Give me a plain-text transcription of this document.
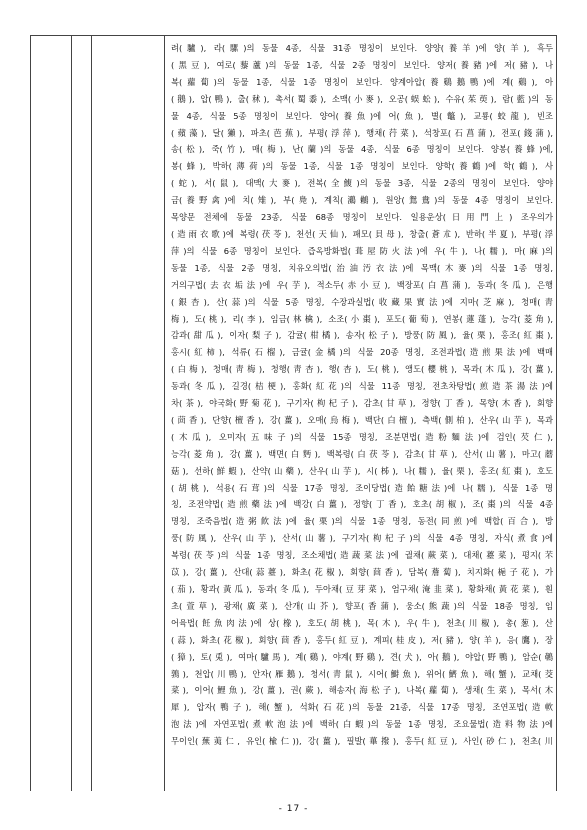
려(驢), 라(騾)의 동물 4종, 식물 31종 명칭이 보인다. 양양(養羊)에 양(羊), 흑두

(黑豆), 여로(藜蘆)의 동물 1종, 식물 2종 명칭이 보인다. 양저(養豬)에 저(豬), 나

복(蘿蔔)의 동물 1종, 식물 1종 명칭이 보인다. 양계아압(養鷄鵝鴨)에 계(鷄), 아

(鵝), 압(鴨), 출(秫), 촉서(蜀黍), 소맥(小麥), 오공(蜈蚣), 수유(茱萸), 람(藍)의 동

물 4종, 식물 5종 명칭이 보인다. 양어(養魚)에 어(魚), 별(鼈), 교룡(蛟龍), 빈조

(蘋藻), 달(獺), 파초(芭蕉), 부평(浮萍), 행채(荇菜), 석창포(石菖蒲), 전포(錢蒲),

송(松), 죽(竹), 매(梅), 난(蘭)의 동물 4종, 식물 6종 명칭이 보인다. 양봉(養蜂)에,

봉(蜂), 박하(薄荷)의 동물 1종, 식물 1종 명칭이 보인다. 양학(養鶴)에 학(鶴), 사

(蛇), 서(鼠), 대맥(大麥), 전복(全鰒)의 동물 3종, 식물 2종의 명칭이 보인다. 양야

금(養野禽)에 치(雉), 부(鳧), 계칙(鸂鶒), 원앙(鴛鴦)의 동물 4종 명칭이 보인다.

목양문 전체에 동물 23종, 식물 68종 명칭이 보인다. 일용운상(日用門上) 조우의가

(造雨衣歌)에 복령(茯苓), 천선(天仙), 패모(貝母), 창출(蒼朮), 반하(半夏), 부평(浮

萍)의 식물 6종 명칭이 보인다. 즙옥방화법(葺屋防火法)에 우(牛), 나(糯), 마(麻)의

동물 1종, 식물 2종 명칭, 치유오의법(治油汚衣法)에 목맥(木麥)의 식물 1종 명칭,

거의구법(去衣垢法)에 우(芋), 적소두(赤小豆), 백장포(白菖蒲), 동과(冬瓜), 은행

(銀杏), 산(蒜)의 식물 5종 명칭, 수장과실법(收藏果實法)에 지마(芝麻), 청매(靑

梅), 도(桃), 리(李), 임금(林檎), 소조(小棗), 포도(葡萄), 연봉(蓮蓬), 능각(菱角),

감과(甜瓜), 이자(梨子), 감귤(柑橘), 송자(松子), 방풍(防風), 율(栗), 홍조(紅棗),

홍시(紅柿), 석류(石榴), 금귤(金橘)의 식물 20종 명칭, 조전과법(造煎果法)에 백매

(白梅), 청매(靑梅), 청행(靑杏), 행(杏), 도(桃), 앵도(櫻桃), 목과(木瓜), 강(薑),

동과(冬瓜), 길경(桔梗), 홍화(紅花)의 식물 11종 명칭, 전초차탕법(煎造茶湯法)에

차(茶), 야국화(野菊花), 구기자(枸杞子), 감초(甘草), 정향(丁香), 목향(木香), 회향

(茴香), 단향(檀香), 강(薑), 오매(烏梅), 백단(白檀), 측백(側柏), 산우(山芋), 목과

(木瓜), 오미자(五味子)의 식물 15종 명칭, 조분면법(造粉麵法)에 검인(芡仁),

능각(菱角), 강(薑), 백면(白麪), 백복령(白茯苓), 감초(甘草), 산서(山薯), 마고(蘑

菇), 선하(鮮蝦), 산약(山藥), 산우(山芋), 시(柹), 나(糯), 율(栗), 홍조(紅棗), 호도

(胡桃), 석용(石茸)의 식물 17종 명칭, 조이당법(造飴糖法)에 나(糯), 식물 1종 명

칭, 조전약법(造煎藥法)에 백강(白薑), 정향(丁香), 호초(胡椒), 조(棗)의 식물 4종

명칭, 조죽음법(造粥飮法)에 율(栗)의 식물 1종 명칭, 동전(同煎)에 백합(百合), 방

풍(防風), 산우(山芋), 산서(山薯), 구기자(枸杞子)의 식물 4종 명칭, 자식(煮食)에

복령(茯苓)의 식물 1종 명칭, 조소채법(造蔬菜法)에 궐채(蕨菜), 대채(薹菜), 평지(芣

苡), 강(薑), 산대(蒜薹), 화초(花椒), 회향(茴香), 담복(薝蔔), 치지화(梔子花), 가

(茄), 황과(黃瓜), 동과(冬瓜), 두아채(豆芽菜), 엄구채(淹韭菜), 황화채(黃花菜), 훤

초(萱草), 광채(廣菜), 산개(山芥), 향포(香蒲), 웅소(熊蔬)의 식물 18종 명칭, 임

어육법(飪魚肉法)에 상(橡), 호도(胡桃), 목(木), 우(牛), 천초(川椒), 총(葱), 산

(蒜), 화초(花椒), 회향(茴香), 홍두(紅豆), 계피(桂皮), 저(豬), 양(羊), 응(鷹), 장

(獐), 토(兎), 여마(驢馬), 계(鷄), 야계(野鷄), 견(犬), 아(鵝), 야압(野鴨), 암순(鵪

鶉), 천압(川鴨), 안자(雁鵝), 청서(靑鼠), 시어(鰣魚), 위어(鱭魚), 해(蟹), 교채(茭

菜), 이어(鯉魚), 강(薑), 권(蕨), 해송자(海松子), 나복(蘿蔔), 생채(生菜), 목서(木

犀), 압자(鴨子), 해(蟹), 석화(石花)의 동물 21종, 식물 17종 명칭, 조연포법(造軟

泡法)에 자연포법(煮軟泡法)에 백하(白蝦)의 동물 1종 명칭, 조요물법(造料物法)에

무이인(蕪荑仁, 유인(楡仁)), 강(薑), 필발(蓽撥), 홍두(紅豆), 사인(砂仁), 천초(川

- 17 -
